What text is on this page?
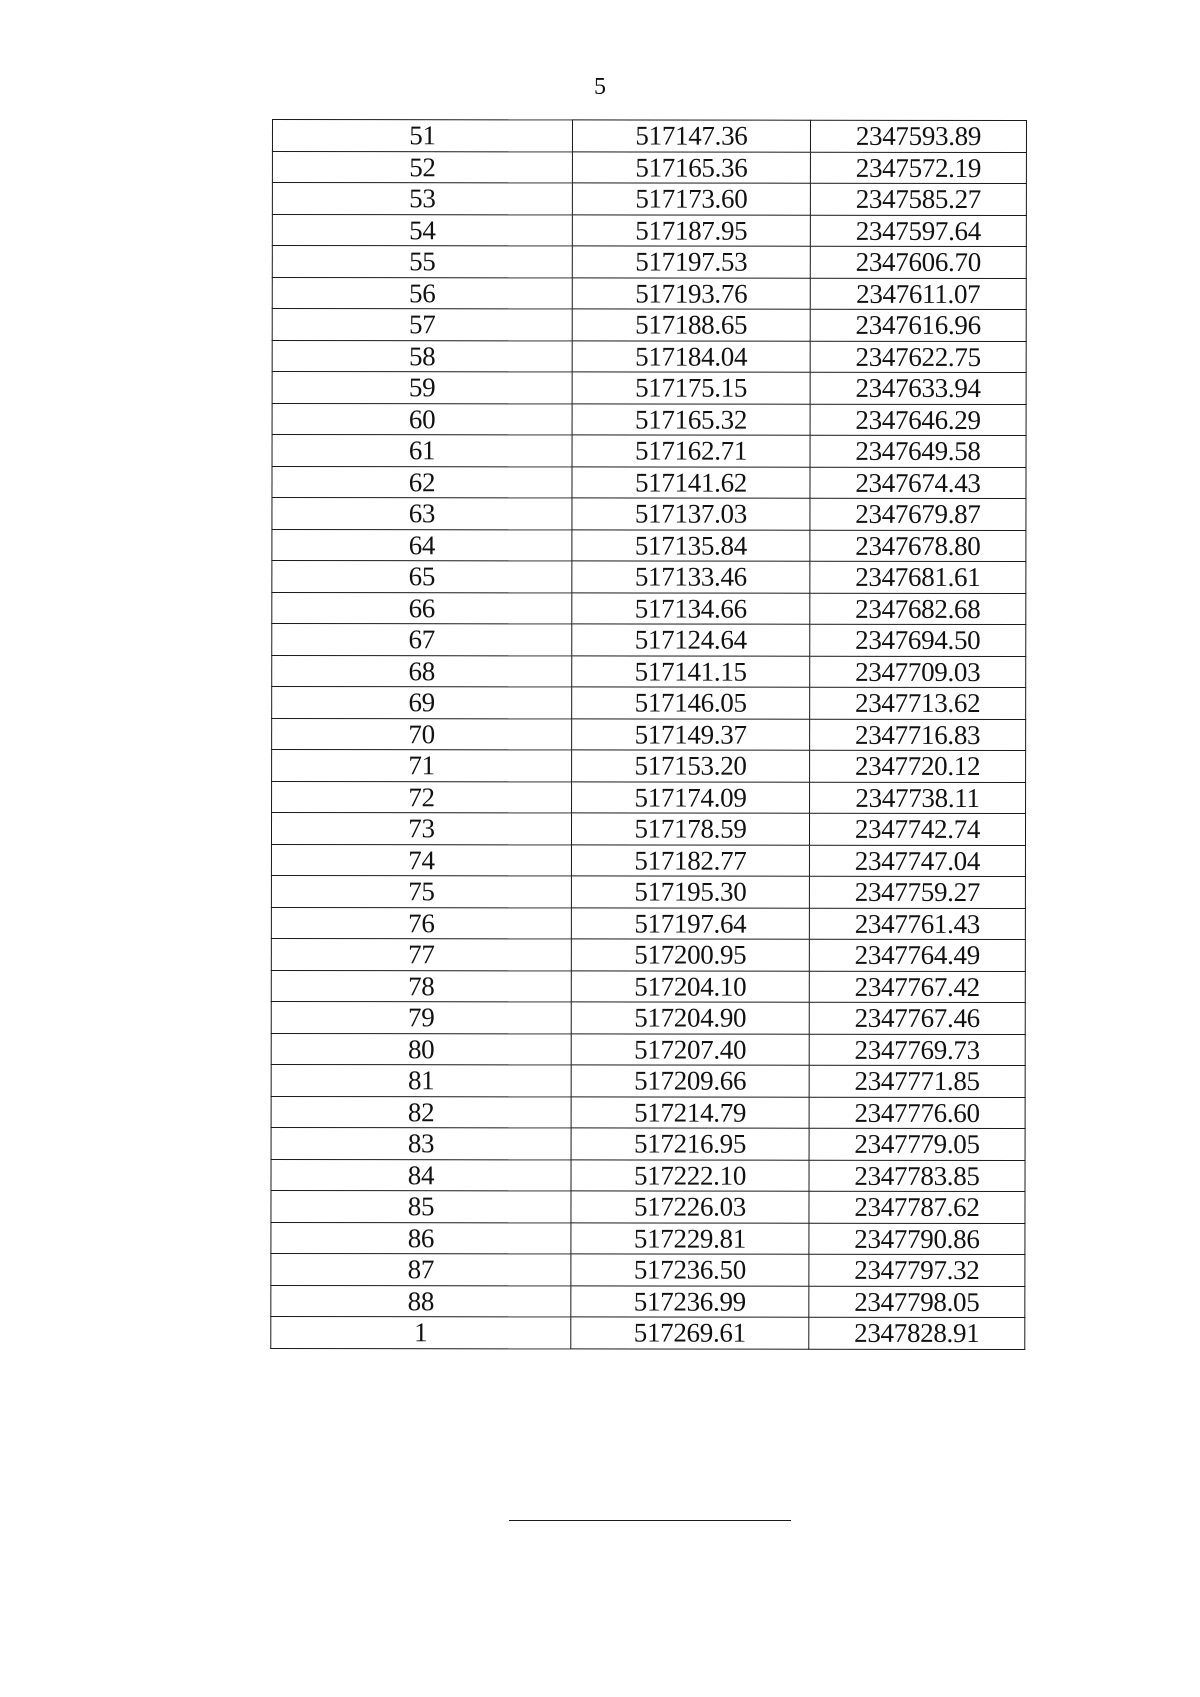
5
51	517147.36	2347593.89
52	517165.36	2347572.19
53	517173.60	2347585.27
54	517187.95	2347597.64
55	517197.53	2347606.70
56	517193.76	2347611.07
57	517188.65	2347616.96
58	517184.04	2347622.75
59	517175.15	2347633.94
60	517165.32	2347646.29
61	517162.71	2347649.58
62	517141.62	2347674.43
63	517137.03	2347679.87
64	517135.84	2347678.80
65	517133.46	2347681.61
66	517134.66	2347682.68
67	517124.64	2347694.50
68	517141.15	2347709.03
69	517146.05	2347713.62
70	517149.37	2347716.83
71	517153.20	2347720.12
72	517174.09	2347738.11
73	517178.59	2347742.74
74	517182.77	2347747.04
75	517195.30	2347759.27
76	517197.64	2347761.43
77	517200.95	2347764.49
78	517204.10	2347767.42
79	517204.90	2347767.46
80	517207.40	2347769.73
81	517209.66	2347771.85
82	517214.79	2347776.60
83	517216.95	2347779.05
84	517222.10	2347783.85
85	517226.03	2347787.62
86	517229.81	2347790.86
87	517236.50	2347797.32
88	517236.99	2347798.05
1	517269.61	2347828.91
